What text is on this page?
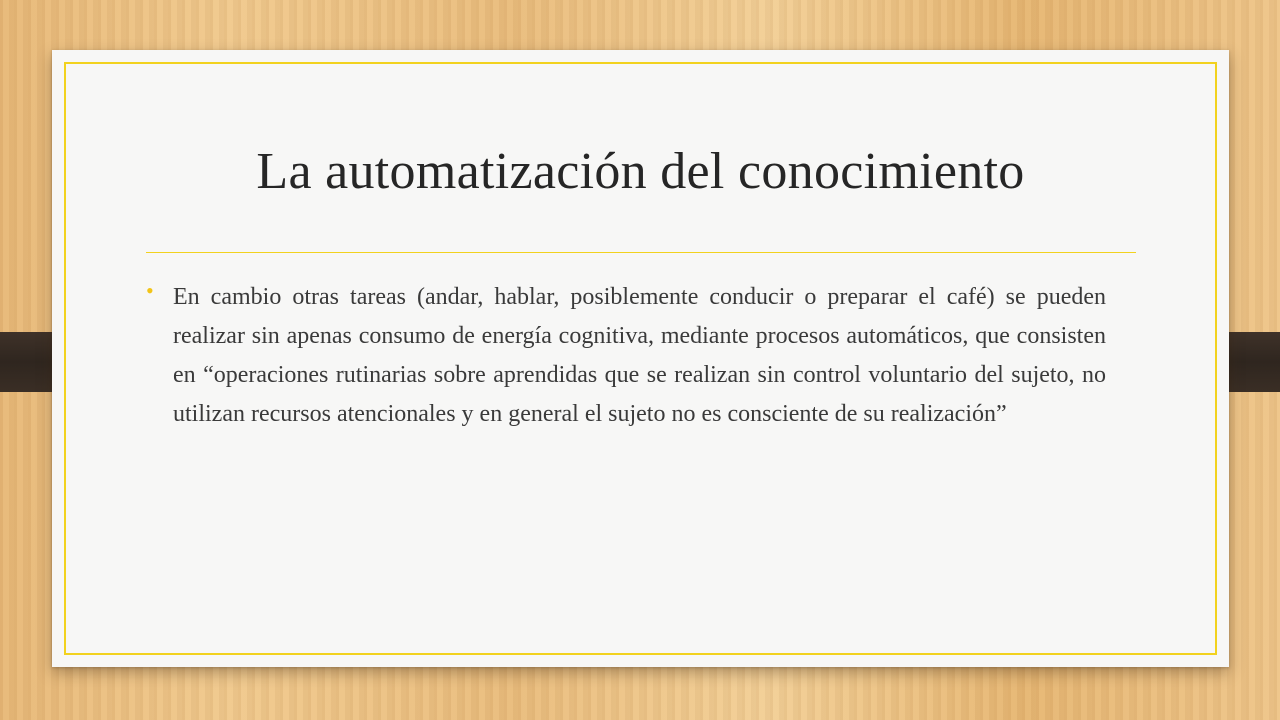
La automatización del conocimiento
• En cambio otras tareas (andar, hablar, posiblemente conducir o preparar el café) se pueden realizar sin apenas consumo de energía cognitiva, mediante procesos automáticos, que consisten en “operaciones rutinarias sobre aprendidas que se realizan sin control voluntario del sujeto, no utilizan recursos atencionales y en general el sujeto no es consciente de su realización”
